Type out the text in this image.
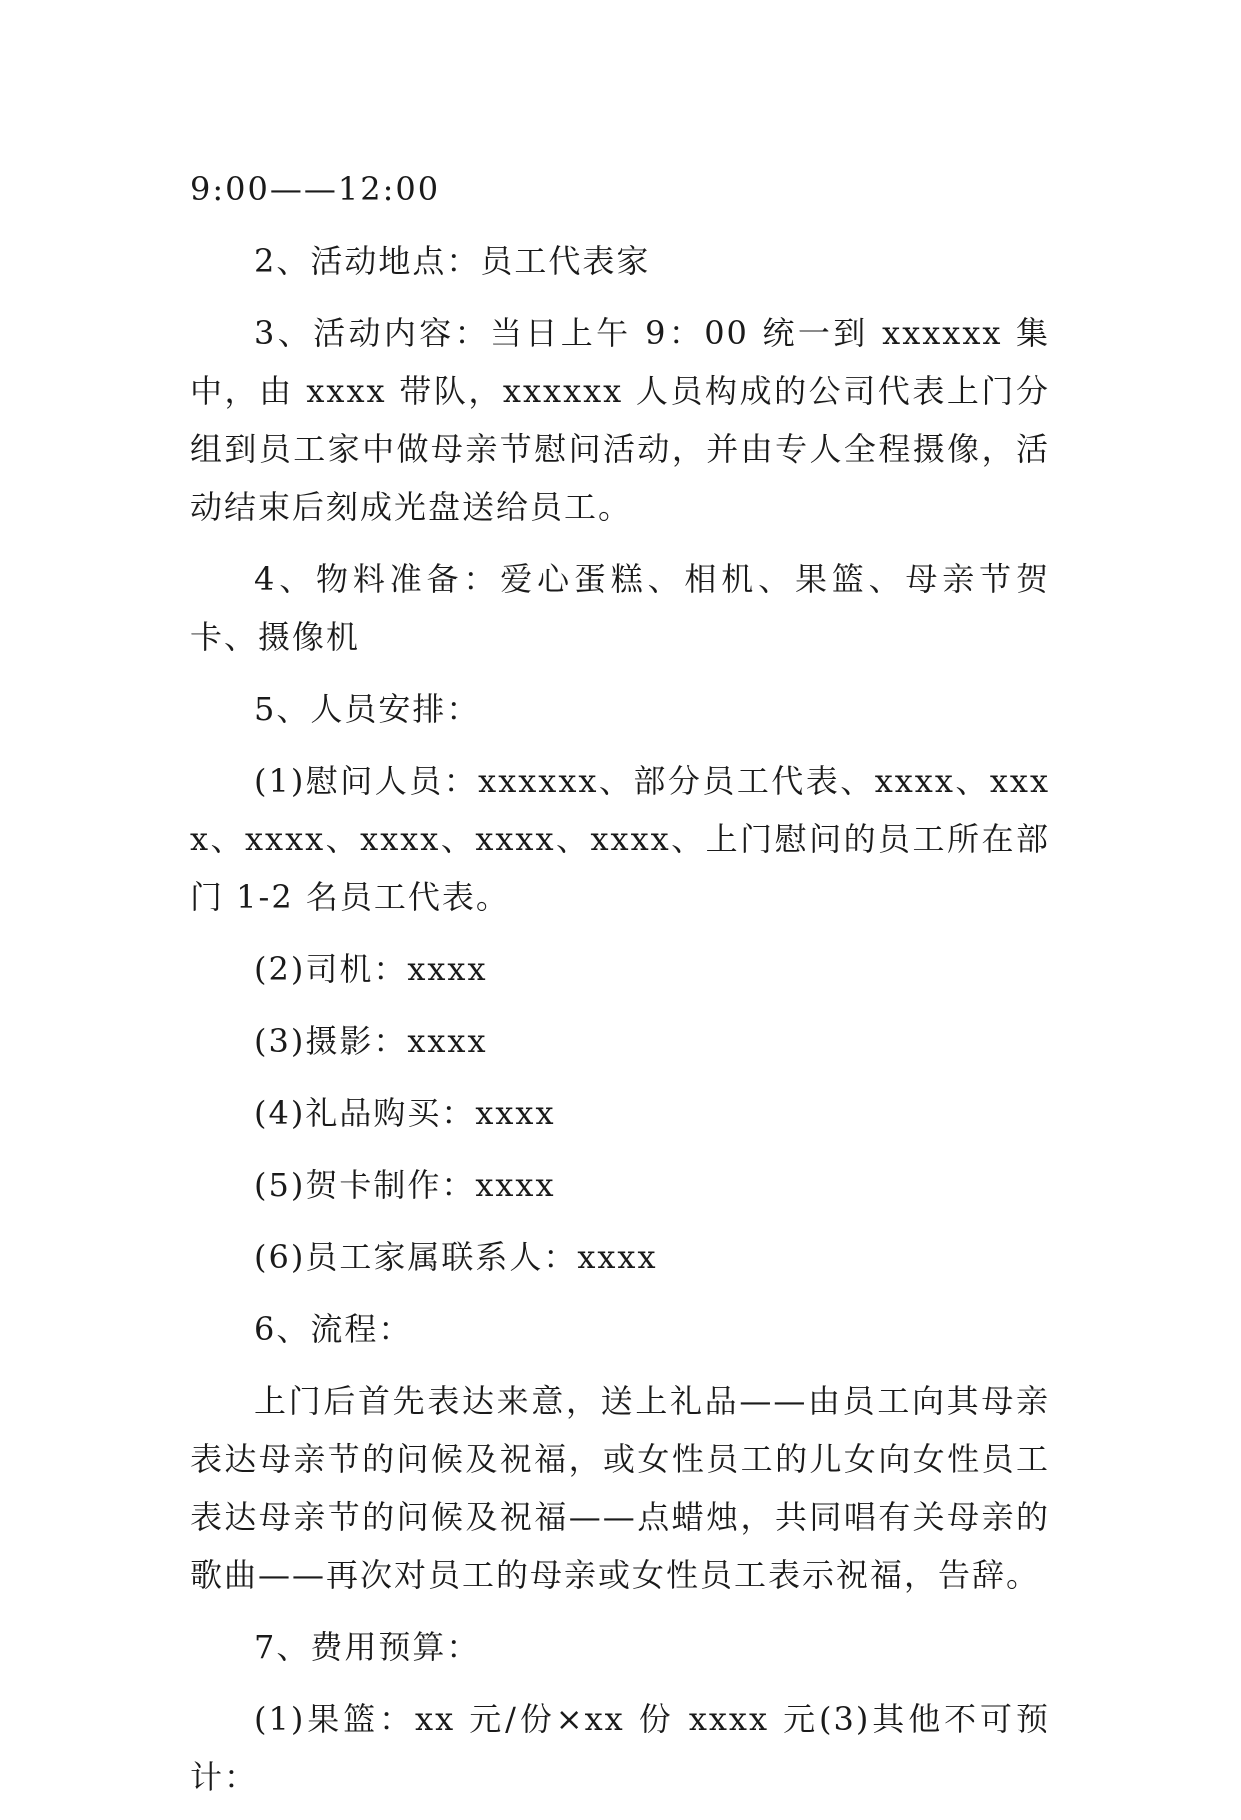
9:00——12:00

2、活动地点：员工代表家

3、活动内容：当日上午 9：00 统一到 xxxxxx 集中，由 xxxx 带队，xxxxxx 人员构成的公司代表上门分组到员工家中做母亲节慰问活动，并由专人全程摄像，活动结束后刻成光盘送给员工。

4、物料准备：爱心蛋糕、相机、果篮、母亲节贺卡、摄像机

5、人员安排：

(1)慰问人员：xxxxxx、部分员工代表、xxxx、xxxx、xxxx、xxxx、xxxx、xxxx、上门慰问的员工所在部门 1-2 名员工代表。

(2)司机：xxxx

(3)摄影：xxxx

(4)礼品购买：xxxx

(5)贺卡制作：xxxx

(6)员工家属联系人：xxxx

6、流程：

上门后首先表达来意，送上礼品——由员工向其母亲表达母亲节的问候及祝福，或女性员工的儿女向女性员工表达母亲节的问候及祝福——点蜡烛，共同唱有关母亲的歌曲——再次对员工的母亲或女性员工表示祝福，告辞。

7、费用预算：

(1)果篮：xx 元/份×xx 份 xxxx 元(3)其他不可预计：
